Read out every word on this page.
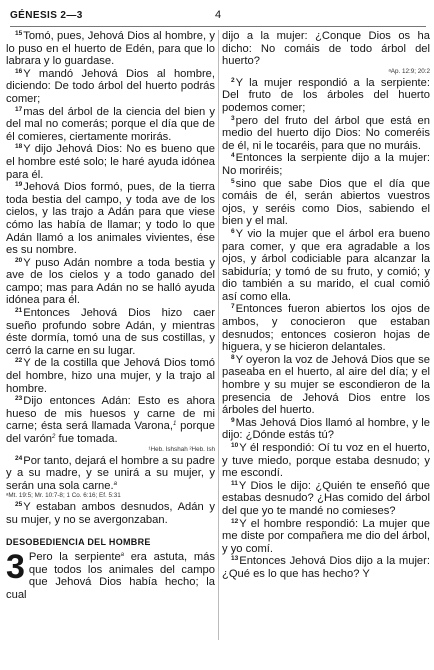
GÉNESIS 2—3	4

$^{15}$Tomó, pues, Jehová Dios al hombre, y lo puso en el huerto de Edén, para que lo labrara y lo guardase.

$^{16}$Y mandó Jehová Dios al hombre, diciendo: De todo árbol del huerto podrás comer;

$^{17}$mas del árbol de la ciencia del bien y del mal no comerás; porque el día que de él comieres, ciertamente morirás.

$^{18}$Y dijo Jehová Dios: No es bueno que el hombre esté solo; le haré ayuda idónea para él.

$^{19}$Jehová Dios formó, pues, de la tierra toda bestia del campo, y toda ave de los cielos, y las trajo a Adán para que viese cómo las había de llamar; y todo lo que Adán llamó a los animales vivientes, ése es su nombre.

$^{20}$Y puso Adán nombre a toda bestia y ave de los cielos y a todo ganado del campo; mas para Adán no se halló ayuda idónea para él.

$^{21}$Entonces Jehová Dios hizo caer sueño profundo sobre Adán, y mientras éste dormía, tomó una de sus costillas, y cerró la carne en su lugar.

$^{22}$Y de la costilla que Jehová Dios tomó del hombre, hizo una mujer, y la trajo al hombre.

$^{23}$Dijo entonces Adán: Esto es ahora hueso de mis huesos y carne de mi carne; ésta será llamada Varona,$^1$ porque del varón$^2$ fue tomada.

¹Heb. Ishshah ²Heb. Ish

$^{24}$Por tanto, dejará el hombre a su padre y a su madre, y se unirá a su mujer, y serán una sola carne.$^a$

ᵃMt. 19:5; Mr. 10:7-8; 1 Co. 6:16; Ef. 5:31

$^{25}$Y estaban ambos desnudos, Adán y su mujer, y no se avergonzaban.

DESOBEDIENCIA DEL HOMBRE

3 Pero la serpiente$^a$ era astuta, más que todos los animales del campo que Jehová Dios había hecho; la cual

dijo a la mujer: ¿Conque Dios os ha dicho: No comáis de todo árbol del huerto?

ᵃAp. 12:9; 20:2

$^2$Y la mujer respondió a la serpiente: Del fruto de los árboles del huerto podemos comer;

$^3$pero del fruto del árbol que está en medio del huerto dijo Dios: No comeréis de él, ni le tocaréis, para que no muráis.

$^4$Entonces la serpiente dijo a la mujer: No moriréis;

$^5$sino que sabe Dios que el día que comáis de él, serán abiertos vuestros ojos, y seréis como Dios, sabiendo el bien y el mal.

$^6$Y vio la mujer que el árbol era bueno para comer, y que era agradable a los ojos, y árbol codiciable para alcanzar la sabiduría; y tomó de su fruto, y comió; y dio también a su marido, el cual comió así como ella.

$^7$Entonces fueron abiertos los ojos de ambos, y conocieron que estaban desnudos; entonces cosieron hojas de higuera, y se hicieron delantales.

$^8$Y oyeron la voz de Jehová Dios que se paseaba en el huerto, al aire del día; y el hombre y su mujer se escondieron de la presencia de Jehová Dios entre los árboles del huerto.

$^9$Mas Jehová Dios llamó al hombre, y le dijo: ¿Dónde estás tú?

$^{10}$Y él respondió: Oí tu voz en el huerto, y tuve miedo, porque estaba desnudo; y me escondí.

$^{11}$Y Dios le dijo: ¿Quién te enseñó que estabas desnudo? ¿Has comido del árbol del que yo te mandé no comieses?

$^{12}$Y el hombre respondió: La mujer que me diste por compañera me dio del árbol, y yo comí.

$^{13}$Entonces Jehová Dios dijo a la mujer: ¿Qué es lo que has hecho? Y
